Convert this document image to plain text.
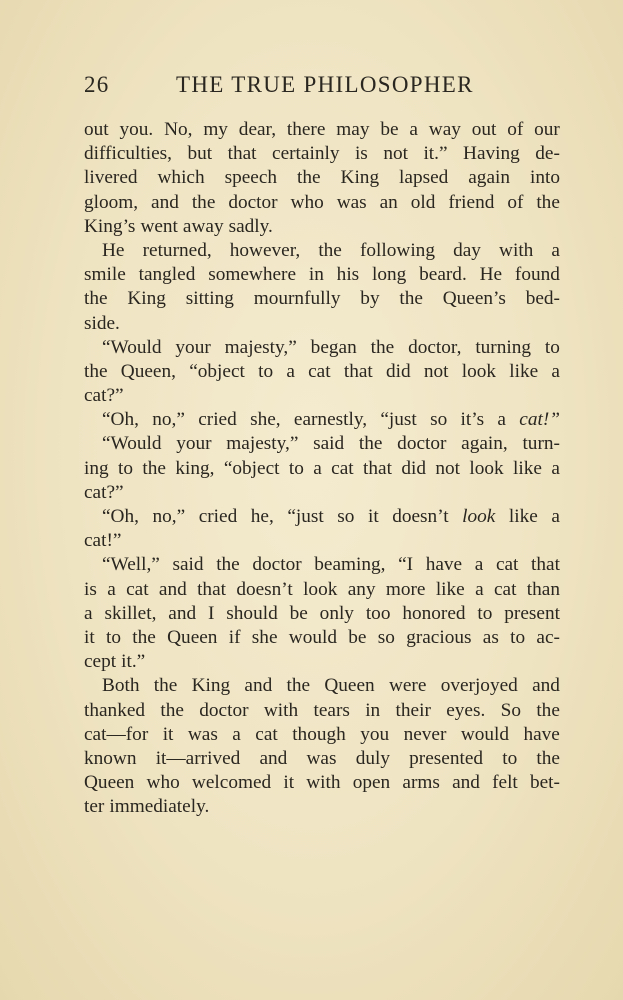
26	THE TRUE PHILOSOPHER
out you. No, my dear, there may be a way out of our
difficulties, but that certainly is not it.” Having de-
livered which speech the King lapsed again into
gloom, and the doctor who was an old friend of the
King’s went away sadly.
He returned, however, the following day with a
smile tangled somewhere in his long beard. He found
the King sitting mournfully by the Queen’s bed-
side.
“Would your majesty,” began the doctor, turning to
the Queen, “object to a cat that did not look like a
cat?”
“Oh, no,” cried she, earnestly, “just so it’s a cat!”
“Would your majesty,” said the doctor again, turn-
ing to the king, “object to a cat that did not look like a
cat?”
“Oh, no,” cried he, “just so it doesn’t look like a
cat!”
“Well,” said the doctor beaming, “I have a cat that
is a cat and that doesn’t look any more like a cat than
a skillet, and I should be only too honored to present
it to the Queen if she would be so gracious as to ac-
cept it.”
Both the King and the Queen were overjoyed and
thanked the doctor with tears in their eyes. So the
cat—for it was a cat though you never would have
known it—arrived and was duly presented to the
Queen who welcomed it with open arms and felt bet-
ter immediately.
